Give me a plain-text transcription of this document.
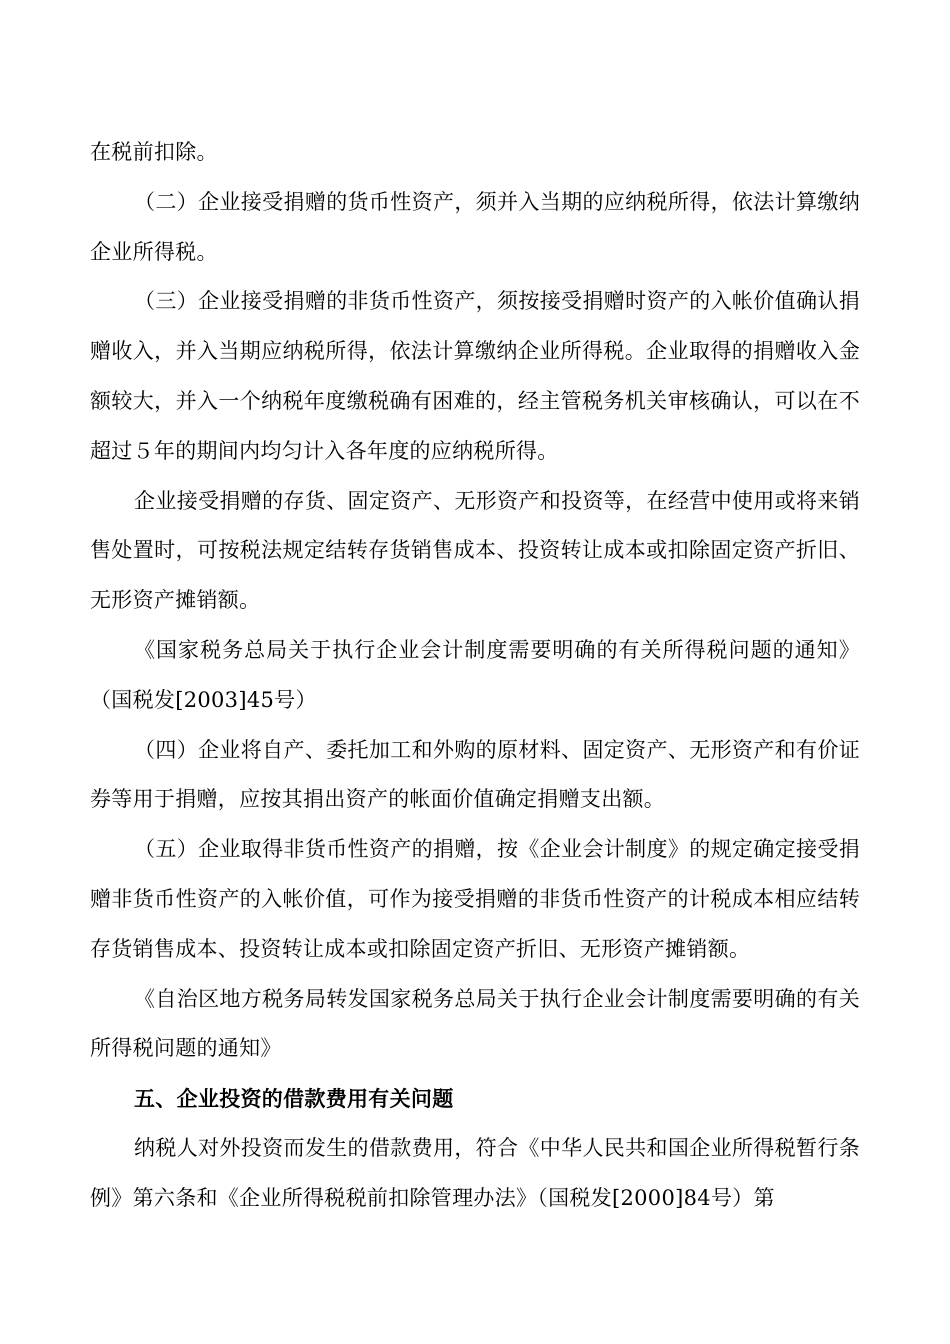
在税前扣除。

（二）企业接受捐赠的货币性资产，须并入当期的应纳税所得，依法计算缴纳企业所得税。

（三）企业接受捐赠的非货币性资产，须按接受捐赠时资产的入帐价值确认捐赠收入，并入当期应纳税所得，依法计算缴纳企业所得税。企业取得的捐赠收入金额较大，并入一个纳税年度缴税确有困难的，经主管税务机关审核确认，可以在不超过５年的期间内均匀计入各年度的应纳税所得。

企业接受捐赠的存货、固定资产、无形资产和投资等，在经营中使用或将来销售处置时，可按税法规定结转存货销售成本、投资转让成本或扣除固定资产折旧、 无形资产摊销额。

《国家税务总局关于执行企业会计制度需要明确的有关所得税问题的通知》（国税发[2003]45号）

（四）企业将自产、委托加工和外购的原材料、固定资产、无形资产和有价证券等用于捐赠，应按其捐出资产的帐面价值确定捐赠支出额。

（五）企业取得非货币性资产的捐赠，按《企业会计制度》的规定确定接受捐赠非货币性资产的入帐价值，可作为接受捐赠的非货币性资产的计税成本相应结转存货销售成本、投资转让成本或扣除固定资产折旧、无形资产摊销额。

《自治区地方税务局转发国家税务总局关于执行企业会计制度需要明确的有关所得税问题的通知》

五、企业投资的借款费用有关问题

纳税人对外投资而发生的借款费用，符合《中华人民共和国企业所得税暂行条例》第六条和《企业所得税税前扣除管理办法》（国税发[2000]84号）第
